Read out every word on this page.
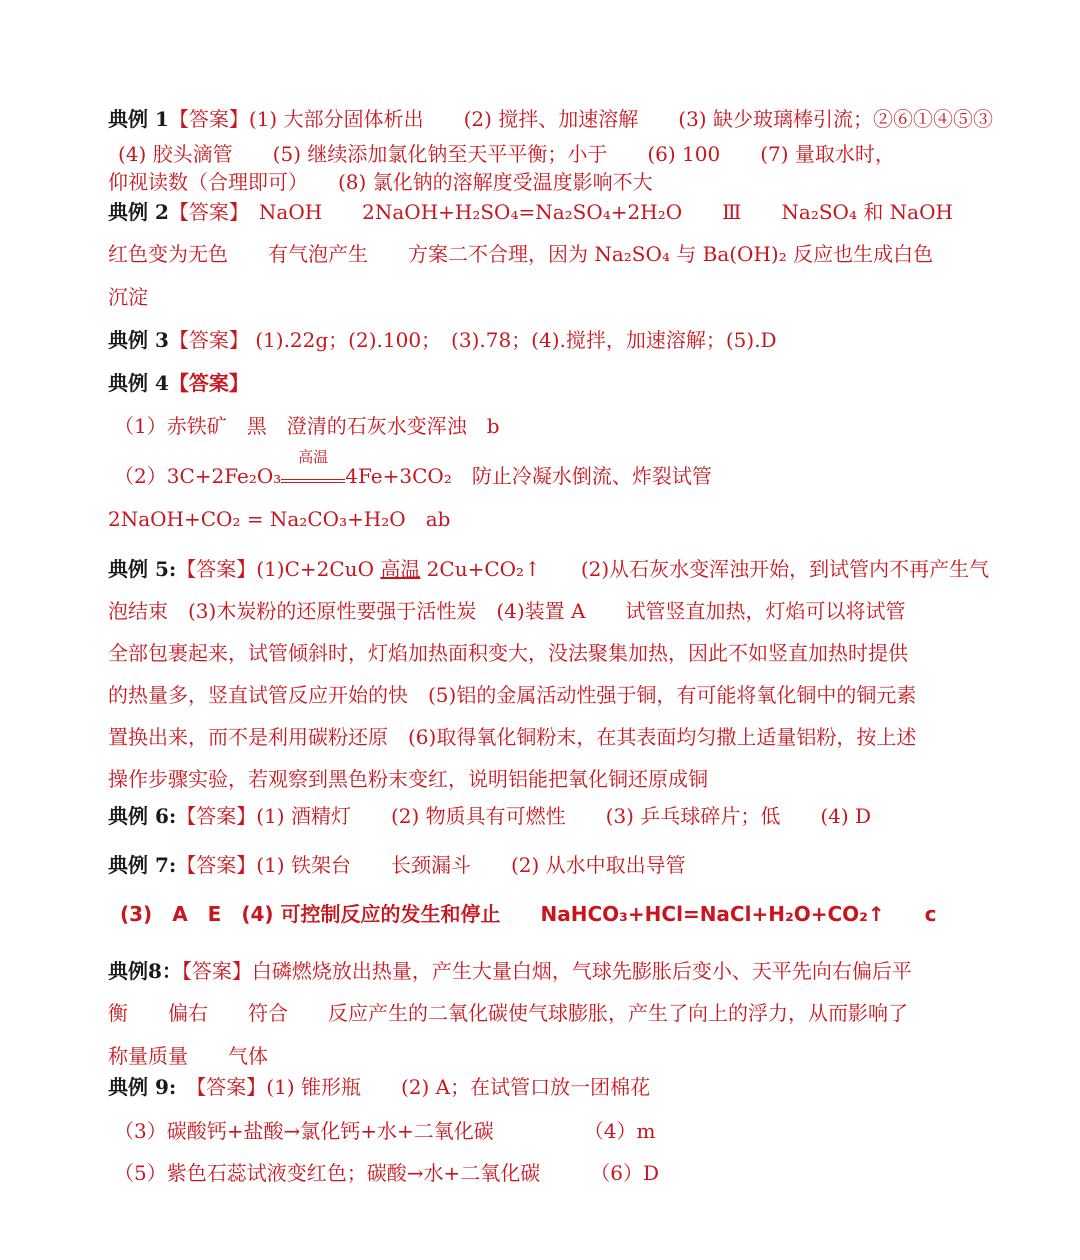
典例 1【答案】(1) 大部分固体析出　　(2) 搅拌、加速溶解　　(3) 缺少玻璃棒引流；②⑥①④⑤③
(4) 胶头滴管　　(5) 继续添加氯化钠至天平平衡；小于　　(6) 100　　(7) 量取水时，
仰视读数（合理即可）　　(8) 氯化钠的溶解度受温度影响不大
典例 2【答案】　NaOH　　2NaOH+H₂SO₄=Na₂SO₄+2H₂O　　Ⅲ　　Na₂SO₄ 和 NaOH
红色变为无色　　有气泡产生　　方案二不合理，因为 Na₂SO₄ 与 Ba(OH)₂ 反应也生成白色
沉淀
典例 3【答案】 (1).22g；(2).100；　(3).78；(4).搅拌，加速溶解；(5).D
典例 4【答案】
（1）赤铁矿　黑　澄清的石灰水变浑浊　b
（2）3C+2Fe₂O₃
高温
4Fe+3CO₂　防止冷凝水倒流、炸裂试管
2NaOH+CO₂ = Na₂CO₃+H₂O　ab
典例 5:【答案】(1)C+2CuO 高温 2Cu+CO₂↑　　(2)从石灰水变浑浊开始，到试管内不再产生气
泡结束　(3)木炭粉的还原性要强于活性炭　(4)装置 A　　试管竖直加热，灯焰可以将试管
全部包裹起来，试管倾斜时，灯焰加热面积变大，没法聚集加热，因此不如竖直加热时提供
的热量多，竖直试管反应开始的快　(5)铝的金属活动性强于铜，有可能将氧化铜中的铜元素
置换出来，而不是利用碳粉还原　(6)取得氧化铜粉末，在其表面均匀撒上适量铝粉，按上述
操作步骤实验，若观察到黑色粉末变红，说明铝能把氧化铜还原成铜
典例 6:【答案】(1) 酒精灯　　(2) 物质具有可燃性　　(3) 乒乓球碎片；低　　(4) D
典例 7:【答案】(1) 铁架台　　长颈漏斗　　(2) 从水中取出导管
(3)　A　E　(4) 可控制反应的发生和停止　　NaHCO₃+HCl=NaCl+H₂O+CO₂↑　　c
典例8：【答案】白磷燃烧放出热量，产生大量白烟，气球先膨胀后变小、天平先向右偏后平
衡　　偏右　　符合　　反应产生的二氧化碳使气球膨胀，产生了向上的浮力，从而影响了
称量质量　　气体
典例 9:　【答案】(1) 锥形瓶　　(2) A；在试管口放一团棉花
（3）碳酸钙+盐酸→氯化钙+水+二氧化碳　　　　　（4）m
（5）紫色石蕊试液变红色；碳酸→水+二氧化碳　　　（6）D
